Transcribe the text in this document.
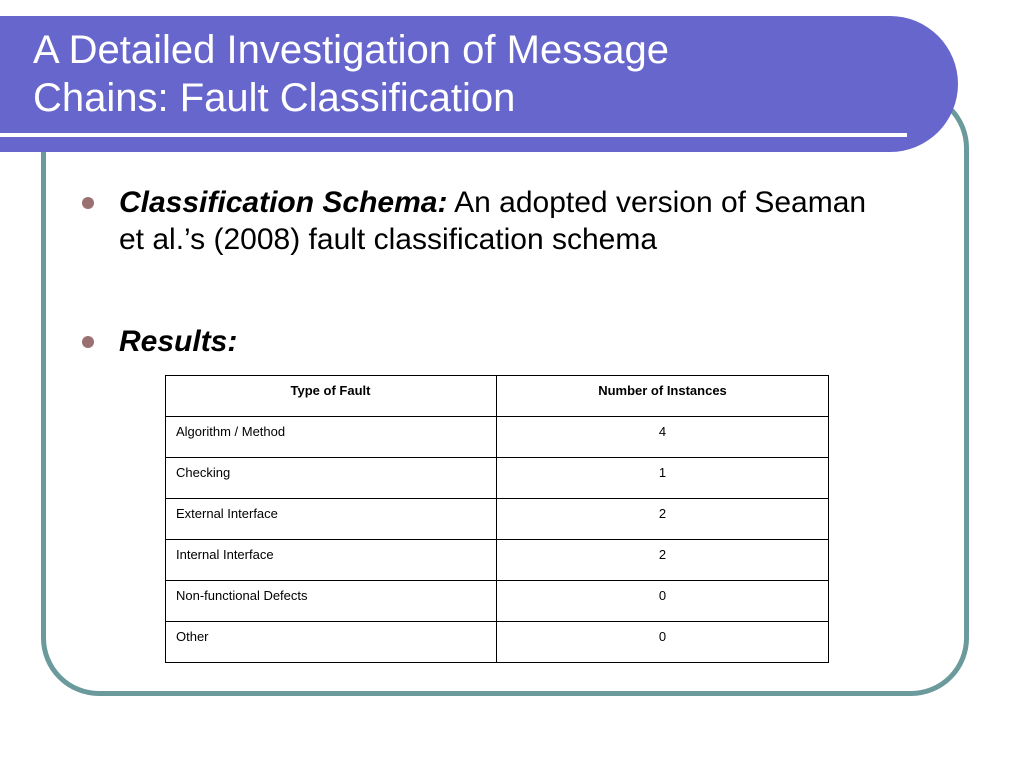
A Detailed Investigation of Message
Chains: Fault Classification
Classification Schema: An adopted version of Seaman et al.’s (2008) fault classification schema
Results:
Type of Fault	Number of Instances
Algorithm / Method	4
Checking	1
External Interface	2
Internal Interface	2
Non-functional Defects	0
Other	0
